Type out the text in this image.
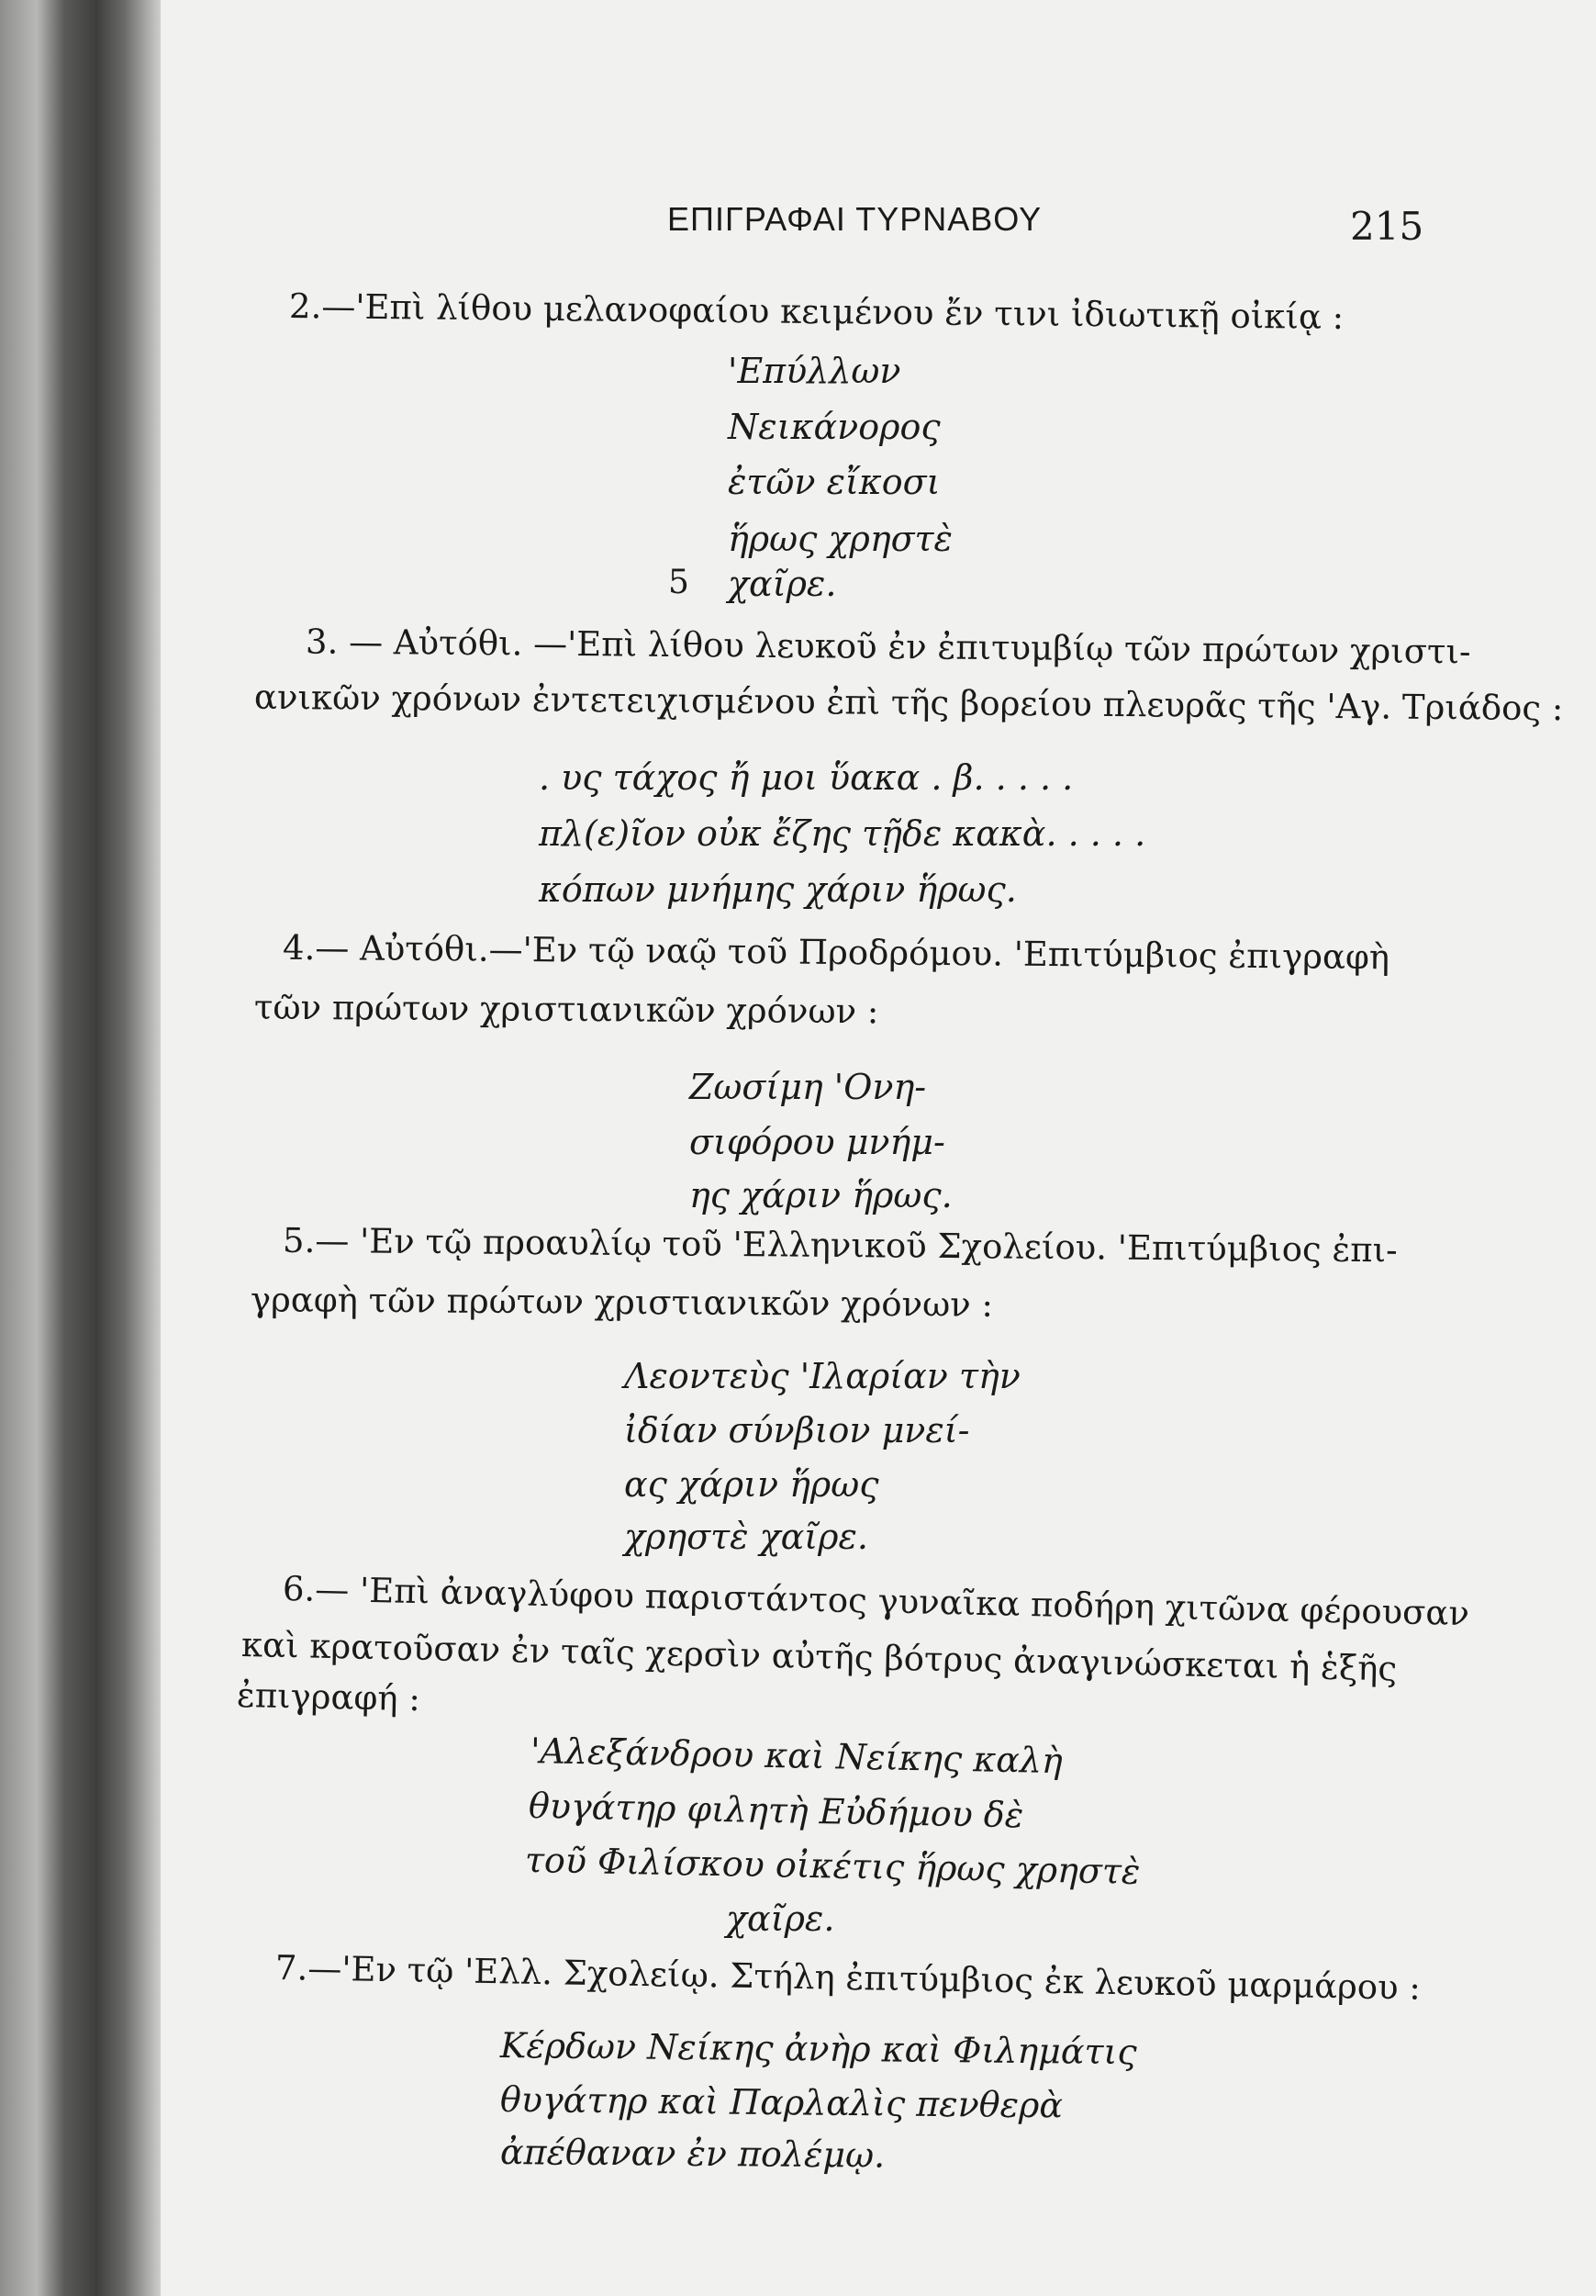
ΕΠΙΓΡΑΦΑΙ ΤΥΡΝΑΒΟΥ	215
2.—'Επὶ λίθου μελανοφαίου κειμένου ἔν τινι ἰδιωτικῇ οἰκίᾳ :
'Επύλλων
Νεικάνορος
ἐτῶν εἴκοσι
ἥρως χρηστὲ
5 χαῖρε.
3. — Αὐτόθι. —'Επὶ λίθου λευκοῦ ἐν ἐπιτυμβίῳ τῶν πρώτων χριστι-
ανικῶν χρόνων ἐντετειχισμένου ἐπὶ τῆς βορείου πλευρᾶς τῆς 'Αγ. Τριάδος :
. υς τάχος ἤ μοι ὕακα . β. . . . .
πλ(ε)ῖον οὐκ ἔζης τῇδε κακὰ. . . . .
κόπων μνήμης χάριν ἥρως.
4.— Αὐτόθι.—'Εν τῷ ναῷ τοῦ Προδρόμου. 'Επιτύμβιος ἐπιγραφὴ
τῶν πρώτων χριστιανικῶν χρόνων :
Ζωσίμη 'Ονη-
σιφόρου μνήμ-
ης χάριν ἥρως.
5.— 'Εν τῷ προαυλίῳ τοῦ 'Ελληνικοῦ Σχολείου. 'Επιτύμβιος ἐπι-
γραφὴ τῶν πρώτων χριστιανικῶν χρόνων :
Λεοντεὺς 'Ιλαρίαν τὴν
ἰδίαν σύνβιον μνεί-
ας χάριν ἥρως
χρηστὲ χαῖρε.
6.— 'Επὶ ἀναγλύφου παριστάντος γυναῖκα ποδήρη χιτῶνα φέρουσαν
καὶ κρατοῦσαν ἐν ταῖς χερσὶν αὐτῆς βότρυς ἀναγινώσκεται ἡ ἑξῆς
ἐπιγραφή :
'Αλεξάνδρου καὶ Νείκης καλὴ
θυγάτηρ φιλητὴ Εὐδήμου δὲ
τοῦ Φιλίσκου οἰκέτις ἥρως χρηστὲ
χαῖρε.
7.—'Εν τῷ 'Ελλ. Σχολείῳ. Στήλη ἐπιτύμβιος ἐκ λευκοῦ μαρμάρου :
Κέρδων Νείκης ἀνὴρ καὶ Φιλημάτις
θυγάτηρ καὶ Παρλαλὶς πενθερὰ
ἀπέθαναν ἐν πολέμῳ.
